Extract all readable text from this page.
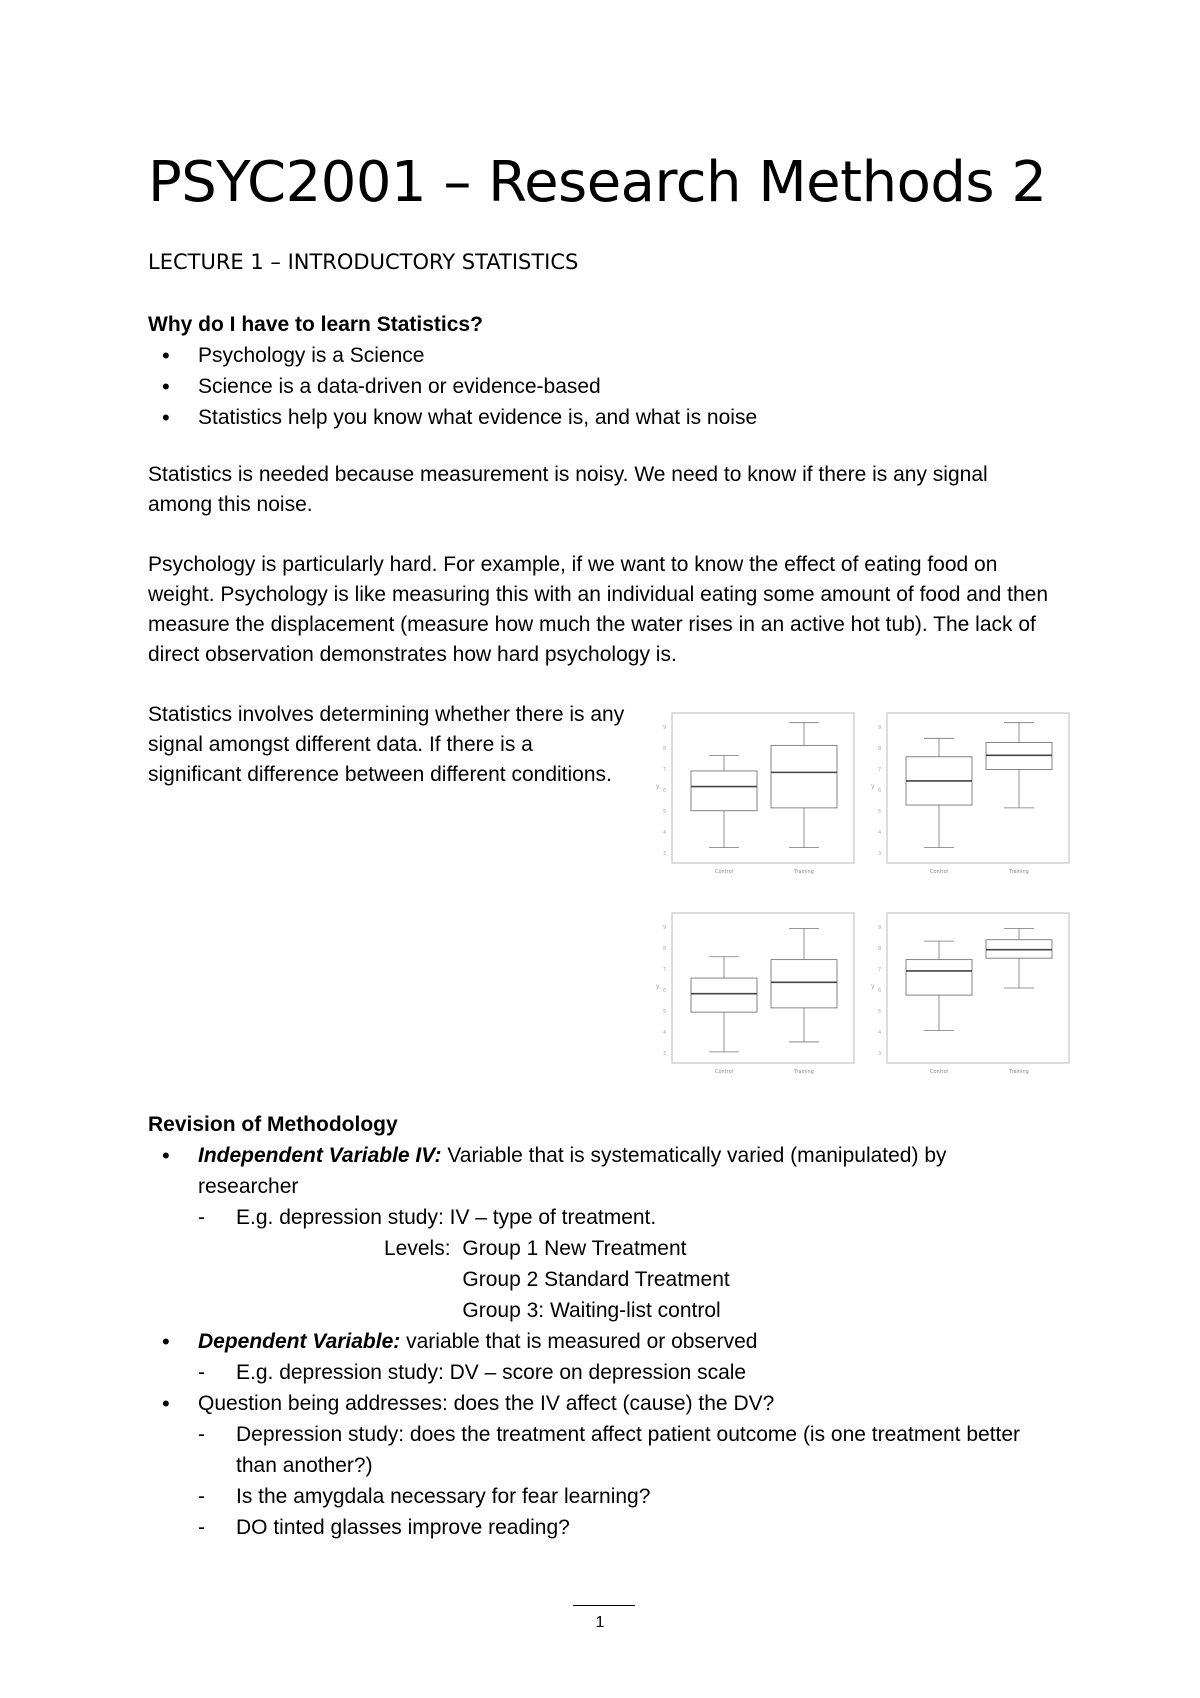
PSYC2001 – Research Methods 2
LECTURE 1 – INTRODUCTORY STATISTICS

Why do I have to learn Statistics?

• Psychology is a Science
• Science is a data-driven or evidence-based
• Statistics help you know what evidence is, and what is noise

Statistics is needed because measurement is noisy. We need to know if there is any signal among this noise.

Psychology is particularly hard. For example, if we want to know the effect of eating food on weight. Psychology is like measuring this with an individual eating some amount of food and then measure the displacement (measure how much the water rises in an active hot tub). The lack of direct observation demonstrates how hard psychology is.

Statistics involves determining whether there is any signal amongst different data. If there is a significant difference between different conditions.

y
9
8
7
6
5
4
3
Control	Training
y
9
8
7
6
5
4
3
Control	Training
y
9
8
7
6
5
4
3
Control	Training
y
9
8
7
6
5
4
3
Control	Training

Revision of Methodology

• Independent Variable IV: Variable that is systematically varied (manipulated) by researcher
- E.g. depression study: IV – type of treatment.
Levels: Group 1 New Treatment
Group 2 Standard Treatment
Group 3: Waiting-list control
• Dependent Variable: variable that is measured or observed
- E.g. depression study: DV – score on depression scale
• Question being addresses: does the IV affect (cause) the DV?
- Depression study: does the treatment affect patient outcome (is one treatment better than another?)
- Is the amygdala necessary for fear learning?
- DO tinted glasses improve reading?
1
